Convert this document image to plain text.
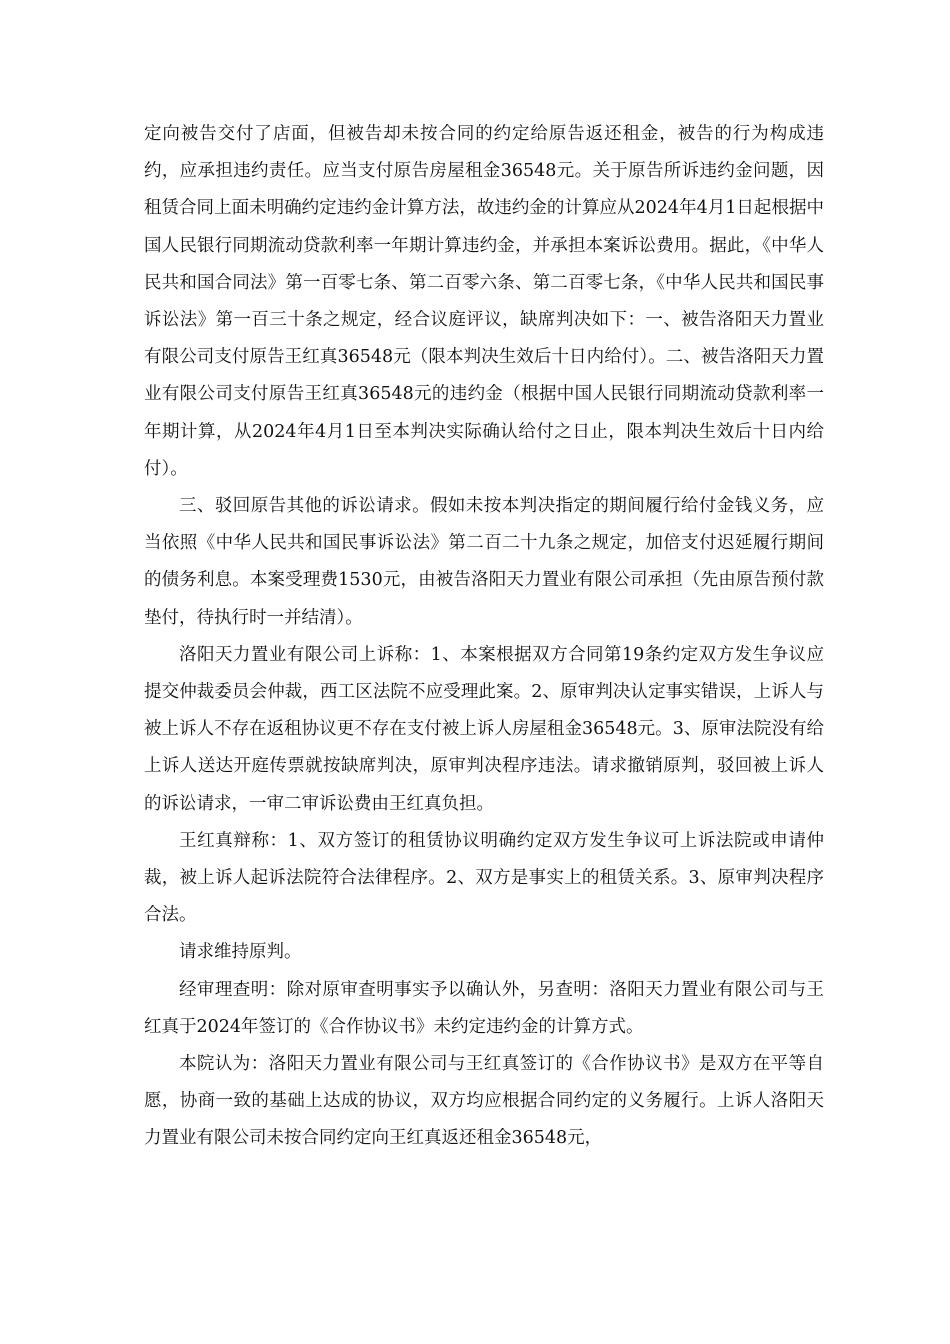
定向被告交付了店面，但被告却未按合同的约定给原告返还租金，被告的行为构成违约，应承担违约责任。应当支付原告房屋租金36548元。关于原告所诉违约金问题，因租赁合同上面未明确约定违约金计算方法，故违约金的计算应从2024年4月1日起根据中国人民银行同期流动贷款利率一年期计算违约金，并承担本案诉讼费用。据此，《中华人民共和国合同法》第一百零七条、第二百零六条、第二百零七条，《中华人民共和国民事诉讼法》第一百三十条之规定，经合议庭评议，缺席判决如下：一、被告洛阳天力置业有限公司支付原告王红真36548元（限本判决生效后十日内给付）。二、被告洛阳天力置业有限公司支付原告王红真36548元的违约金（根据中国人民银行同期流动贷款利率一年期计算，从2024年4月1日至本判决实际确认给付之日止，限本判决生效后十日内给付）。

三、驳回原告其他的诉讼请求。假如未按本判决指定的期间履行给付金钱义务，应当依照《中华人民共和国民事诉讼法》第二百二十九条之规定，加倍支付迟延履行期间的债务利息。本案受理费1530元，由被告洛阳天力置业有限公司承担（先由原告预付款垫付，待执行时一并结清）。

洛阳天力置业有限公司上诉称：1、本案根据双方合同第19条约定双方发生争议应提交仲裁委员会仲裁，西工区法院不应受理此案。2、原审判决认定事实错误，上诉人与被上诉人不存在返租协议更不存在支付被上诉人房屋租金36548元。3、原审法院没有给上诉人送达开庭传票就按缺席判决，原审判决程序违法。请求撤销原判，驳回被上诉人的诉讼请求，一审二审诉讼费由王红真负担。

王红真辩称：1、双方签订的租赁协议明确约定双方发生争议可上诉法院或申请仲裁，被上诉人起诉法院符合法律程序。2、双方是事实上的租赁关系。3、原审判决程序合法。

请求维持原判。

经审理查明：除对原审查明事实予以确认外，另查明：洛阳天力置业有限公司与王红真于2024年签订的《合作协议书》未约定违约金的计算方式。

本院认为：洛阳天力置业有限公司与王红真签订的《合作协议书》是双方在平等自愿，协商一致的基础上达成的协议，双方均应根据合同约定的义务履行。上诉人洛阳天力置业有限公司未按合同约定向王红真返还租金36548元，
